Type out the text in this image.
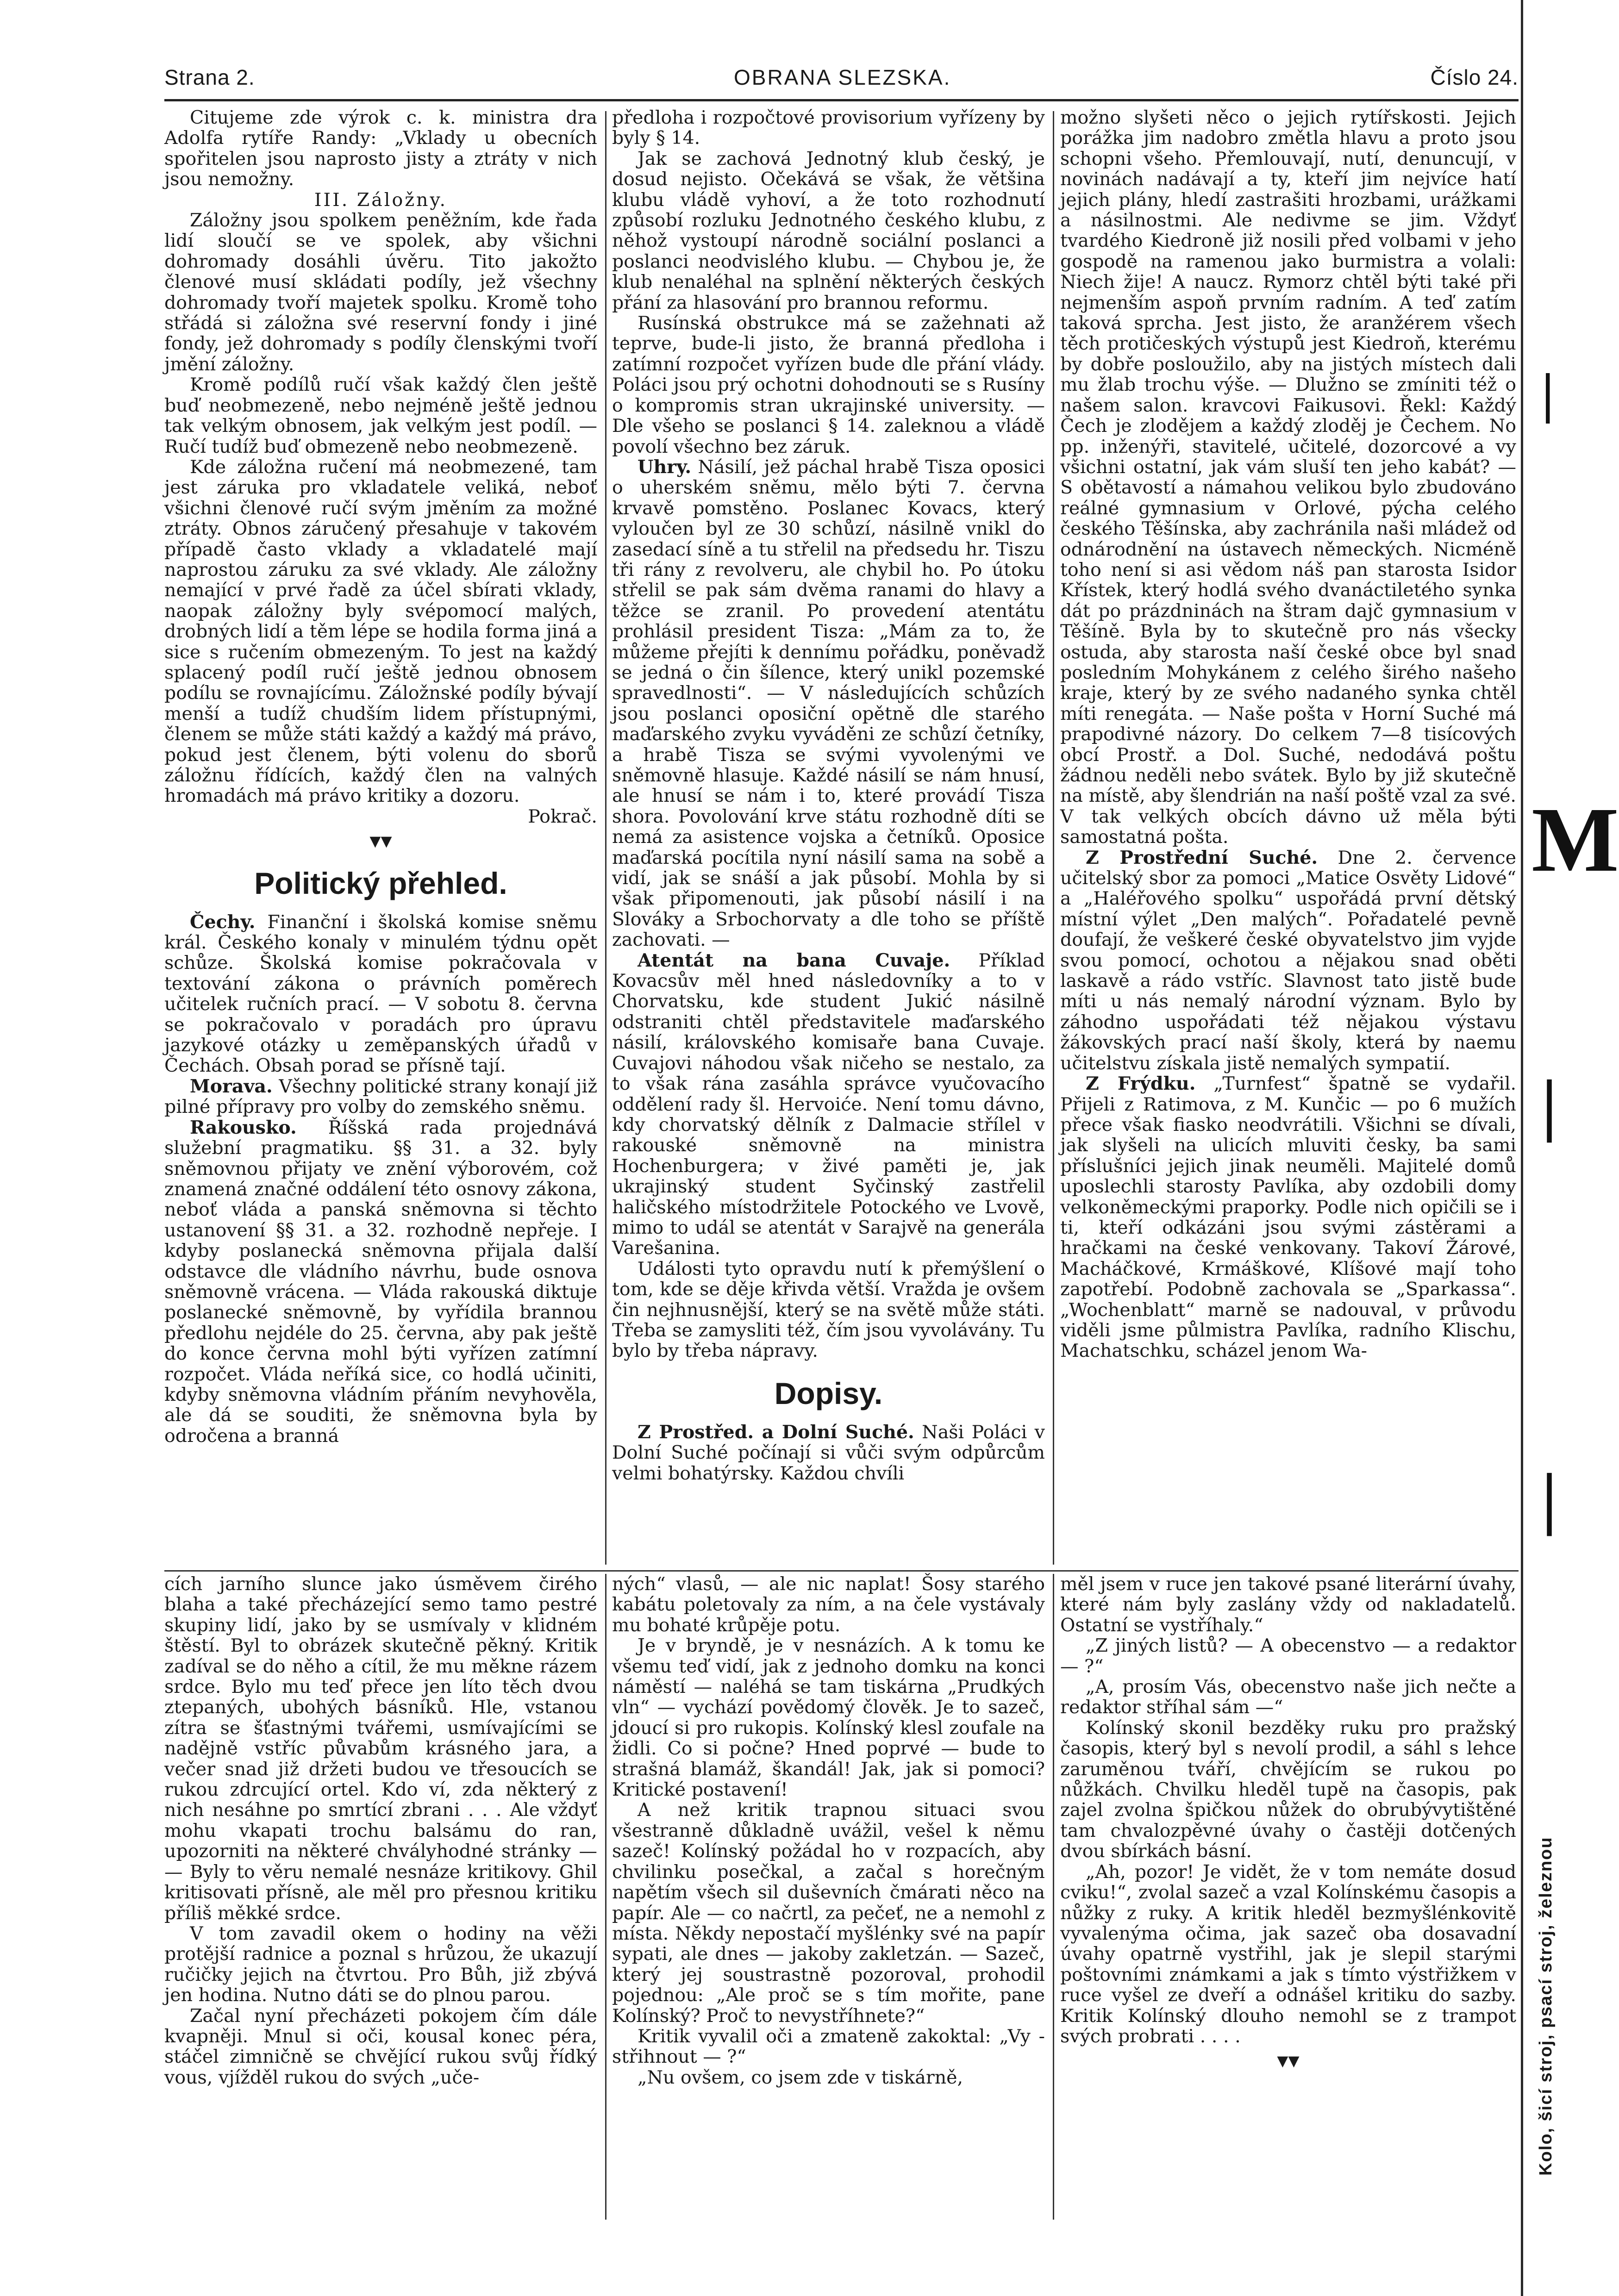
Strana 2.	OBRANA SLEZSKA.	Číslo 24.

Citujeme zde výrok c. k. ministra dra Adolfa rytíře Randy: „Vklady u obecních spořitelen jsou naprosto jisty a ztráty v nich jsou nemožny.

III. Záložny.

Záložny jsou spolkem peněžním, kde řada lidí sloučí se ve spolek, aby všichni dohromady dosáhli úvěru. Tito jakožto členové musí skládati podíly, jež všechny dohromady tvoří majetek spolku. Kromě toho střádá si záložna své reservní fondy i jiné fondy, jež dohromady s podíly členskými tvoří jmění záložny.

Kromě podílů ručí však každý člen ještě buď neobmezeně, nebo nejméně ještě jednou tak velkým obnosem, jak velkým jest podíl. — Ručí tudíž buď obmezeně nebo neobmezeně.

Kde záložna ručení má neobmezené, tam jest záruka pro vkladatele veliká, neboť všichni členové ručí svým jměním za možné ztráty. Obnos záručený přesahuje v takovém případě často vklady a vkladatelé mají naprostou záruku za své vklady. Ale záložny nemající v prvé řadě za účel sbírati vklady, naopak záložny byly svépomocí malých, drobných lidí a těm lépe se hodila forma jiná a sice s ručením obmezeným. To jest na každý splacený podíl ručí ještě jednou obnosem podílu se rovnajícímu. Záložnské podíly bývají menší a tudíž chudším lidem přístupnými, členem se může státi každý a každý má právo, pokud jest členem, býti volenu do sborů záložnu řídících, každý člen na valných hromadách má právo kritiky a dozoru.

Pokrač.

▾▾

Politický přehled.

Čechy. Finanční i školská komise sněmu král. Českého konaly v minulém týdnu opět schůze. Školská komise pokračovala v textování zákona o právních poměrech učitelek ručních prací. — V sobotu 8. června se pokračovalo v poradách pro úpravu jazykové otázky u zeměpanských úřadů v Čechách. Obsah porad se přísně tají.

Morava. Všechny politické strany konají již pilné přípravy pro volby do zemského sněmu.

Rakousko. Říšská rada projednává služební pragmatiku. §§ 31. a 32. byly sněmovnou přijaty ve znění výborovém, což znamená značné oddálení této osnovy zákona, neboť vláda a panská sněmovna si těchto ustanovení §§ 31. a 32. rozhodně nepřeje. I kdyby poslanecká sněmovna přijala další odstavce dle vládního návrhu, bude osnova sněmovně vrácena. — Vláda rakouská diktuje poslanecké sněmovně, by vyřídila brannou předlohu nejdéle do 25. června, aby pak ještě do konce června mohl býti vyřízen zatímní rozpočet. Vláda neříká sice, co hodlá učiniti, kdyby sněmovna vládním přáním nevyhověla, ale dá se souditi, že sněmovna byla by odročena a branná

předloha i rozpočtové provisorium vyřízeny by byly § 14.

Jak se zachová Jednotný klub český, je dosud nejisto. Očekává se však, že většina klubu vládě vyhoví, a že toto rozhodnutí způsobí rozluku Jednotného českého klubu, z něhož vystoupí národně sociální poslanci a poslanci neodvislého klubu. — Chybou je, že klub nenaléhal na splnění některých českých přání za hlasování pro brannou reformu.

Rusínská obstrukce má se zažehnati až teprve, bude-li jisto, že branná předloha i zatímní rozpočet vyřízen bude dle přání vlády. Poláci jsou prý ochotni dohodnouti se s Rusíny o kompromis stran ukrajinské university. — Dle všeho se poslanci § 14. zaleknou a vládě povolí všechno bez záruk.

Uhry. Násilí, jež páchal hrabě Tisza oposici o uherském sněmu, mělo býti 7. června krvavě pomstěno. Poslanec Kovacs, který vyloučen byl ze 30 schůzí, násilně vnikl do zasedací síně a tu střelil na předsedu hr. Tiszu tři rány z revolveru, ale chybil ho. Po útoku střelil se pak sám dvěma ranami do hlavy a těžce se zranil. Po provedení atentátu prohlásil president Tisza: „Mám za to, že můžeme přejíti k dennímu pořádku, poněvadž se jedná o čin šílence, který unikl pozemské spravedlnosti“. — V následujících schůzích jsou poslanci oposiční opětně dle starého maďarského zvyku vyváděni ze schůzí četníky, a hrabě Tisza se svými vyvolenými ve sněmovně hlasuje. Každé násilí se nám hnusí, ale hnusí se nám i to, které provádí Tisza shora. Povolování krve státu rozhodně díti se nemá za asistence vojska a četníků. Oposice maďarská pocítila nyní násilí sama na sobě a vidí, jak se snáší a jak působí. Mohla by si však připomenouti, jak působí násilí i na Slováky a Srbochorvaty a dle toho se příště zachovati. —

Atentát na bana Cuvaje. Příklad Kovacsův měl hned následovníky a to v Chorvatsku, kde student Jukić násilně odstraniti chtěl představitele maďarského násilí, královského komisaře bana Cuvaje. Cuvajovi náhodou však ničeho se nestalo, za to však rána zasáhla správce vyučovacího oddělení rady šl. Hervoiće. Není tomu dávno, kdy chorvatský dělník z Dalmacie střílel v rakouské sněmovně na ministra Hochenburgera; v živé paměti je, jak ukrajinský student Syčinský zastřelil haličského místodržitele Potockého ve Lvově, mimo to udál se atentát v Sarajvě na generála Varešanina.

Události tyto opravdu nutí k přemýšlení o tom, kde se děje křivda větší. Vražda je ovšem čin nejhnusnější, který se na světě může státi. Třeba se zamysliti též, čím jsou vyvolávány. Tu bylo by třeba nápravy.

Dopisy.

Z Prostřed. a Dolní Suché. Naši Poláci v Dolní Suché počínají si vůči svým odpůrcům velmi bohatýrsky. Každou chvíli

možno slyšeti něco o jejich rytířskosti. Jejich porážka jim nadobro změtla hlavu a proto jsou schopni všeho. Přemlouvají, nutí, denuncují, v novinách nadávají a ty, kteří jim nejvíce hatí jejich plány, hledí zastrašiti hrozbami, urážkami a násilnostmi. Ale nedivme se jim. Vždyť tvardého Kiedroně již nosili před volbami v jeho gospodě na ramenou jako burmistra a volali: Niech žije! A naucz. Rymorz chtěl býti také při nejmenším aspoň prvním radním. A teď zatím taková sprcha. Jest jisto, že aranžérem všech těch protičeských výstupů jest Kiedroň, kterému by dobře posloužilo, aby na jistých místech dali mu žlab trochu výše. — Dlužno se zmíniti též o našem salon. kravcovi Faikusovi. Řekl: Každý Čech je zlodějem a každý zloděj je Čechem. No pp. inženýři, stavitelé, učitelé, dozorcové a vy všichni ostatní, jak vám sluší ten jeho kabát? — S obětavostí a námahou velikou bylo zbudováno reálné gymnasium v Orlové, pýcha celého českého Těšínska, aby zachránila naši mládež od odnárodnění na ústavech německých. Nicméně toho není si asi vědom náš pan starosta Isidor Křístek, který hodlá svého dvanáctiletého synka dát po prázdninách na štram dajč gymnasium v Těšíně. Byla by to skutečně pro nás všecky ostuda, aby starosta naší české obce byl snad posledním Mohykánem z celého širého našeho kraje, který by ze svého nadaného synka chtěl míti renegáta. — Naše pošta v Horní Suché má prapodivné názory. Do celkem 7—8 tisícových obcí Prostř. a Dol. Suché, nedodává poštu žádnou neděli nebo svátek. Bylo by již skutečně na místě, aby šlendrián na naší poště vzal za své. V tak velkých obcích dávno už měla býti samostatná pošta.

Z Prostřední Suché. Dne 2. července učitelský sbor za pomoci „Matice Osvěty Lidové“ a „Haléřového spolku“ uspořádá první dětský místní výlet „Den malých“. Pořadatelé pevně doufají, že veškeré české obyvatelstvo jim vyjde svou pomocí, ochotou a nějakou snad oběti laskavě a rádo vstříc. Slavnost tato jistě bude míti u nás nemalý národní význam. Bylo by záhodno uspořádati též nějakou výstavu žákovských prací naší školy, která by naemu učitelstvu získala jistě nemalých sympatií.

Z Frýdku. „Turnfest“ špatně se vydařil. Přijeli z Ratimova, z M. Kunčic — po 6 mužích přece však fiasko neodvrátili. Všichni se dívali, jak slyšeli na ulicích mluviti česky, ba sami příslušníci jejich jinak neuměli. Majitelé domů uposlechli starosty Pavlíka, aby ozdobili domy velkoněmeckými praporky. Podle nich opičili se i ti, kteří odkázáni jsou svými zástěrami a hračkami na české venkovany. Takoví Žárové, Macháčkové, Krmáškové, Klíšové mají toho zapotřebí. Podobně zachovala se „Sparkassa“. „Wochenblatt“ marně se nadouval, v průvodu viděli jsme půlmistra Pavlíka, radního Klischu, Machatschku, scházel jenom Wa-

cích jarního slunce jako úsměvem čirého blaha a také přecházející semo tamo pestré skupiny lidí, jako by se usmívaly v klidném štěstí. Byl to obrázek skutečně pěkný. Kritik zadíval se do něho a cítil, že mu měkne rázem srdce. Bylo mu teď přece jen líto těch dvou ztepaných, ubohých básníků. Hle, vstanou zítra se šťastnými tvářemi, usmívajícími se nadějně vstříc půvabům krásného jara, a večer snad již držeti budou ve třesoucích se rukou zdrcující ortel. Kdo ví, zda některý z nich nesáhne po smrtící zbrani . . . Ale vždyť mohu vkapati trochu balsámu do ran, upozorniti na některé chvályhodné stránky — — Byly to věru nemalé nesnáze kritikovy. Ghil kritisovati přísně, ale měl pro přesnou kritiku příliš měkké srdce.

V tom zavadil okem o hodiny na věži protější radnice a poznal s hrůzou, že ukazují ručičky jejich na čtvrtou. Pro Bůh, již zbývá jen hodina. Nutno dáti se do plnou parou.

Začal nyní přecházeti pokojem čím dále kvapněji. Mnul si oči, kousal konec péra, stáčel zimničně se chvějící rukou svůj řídký vous, vjížděl rukou do svých „uče-

ných“ vlasů, — ale nic naplat! Šosy starého kabátu poletovaly za ním, a na čele vystávaly mu bohaté krůpěje potu.

Je v bryndě, je v nesnázích. A k tomu ke všemu teď vidí, jak z jednoho domku na konci náměstí — naléhá se tam tiskárna „Prudkých vln“ — vychází povědomý člověk. Je to sazeč, jdoucí si pro rukopis. Kolínský klesl zoufale na židli. Co si počne? Hned poprvé — bude to strašná blamáž, škandál! Jak, jak si pomoci? Kritické postavení!

A než kritik trapnou situaci svou všestranně důkladně uvážil, vešel k němu sazeč! Kolínský požádal ho v rozpacích, aby chvilinku posečkal, a začal s horečným napětím všech sil duševních čmárati něco na papír. Ale — co načrtl, za pečeť, ne a nemohl z místa. Někdy nepostačí myšlénky své na papír sypati, ale dnes — jakoby zakletzán. — Sazeč, který jej soustrastně pozoroval, prohodil pojednou: „Ale proč se s tím mořite, pane Kolínský? Proč to nevystříhnete?“

Kritik vyvalil oči a zmateně zakoktal: „Vy - střihnout — ?“

„Nu ovšem, co jsem zde v tiskárně,

měl jsem v ruce jen takové psané literární úvahy, které nám byly zaslány vždy od nakladatelů. Ostatní se vystříhaly.“

„Z jiných listů? — A obecenstvo — a redaktor — ?“

„A, prosím Vás, obecenstvo naše jich nečte a redaktor stříhal sám —“

Kolínský skonil bezděky ruku pro pražský časopis, který byl s nevolí prodil, a sáhl s lehce zaruměnou tváří, chvějícím se rukou po nůžkách. Chvilku hleděl tupě na časopis, pak zajel zvolna špičkou nůžek do obrubývytištěné tam chvalozpěvné úvahy o častěji dotčených dvou sbírkách básní.

„Ah, pozor! Je vidět, že v tom nemáte dosud cviku!“, zvolal sazeč a vzal Kolínskému časopis a nůžky z ruky. A kritik hleděl bezmyšlénkovitě vyvalenýma očima, jak sazeč oba dosavadní úvahy opatrně vystřihl, jak je slepil starými poštovními známkami a jak s tímto výstřižkem v ruce vyšel ze dveří a odnášel kritiku do sazby. Kritik Kolínský dlouho nemohl se z trampot svých probrati . . . .

▾▾

|
M
|
|
Kolo, šicí stroj, psací stroj, železnou
